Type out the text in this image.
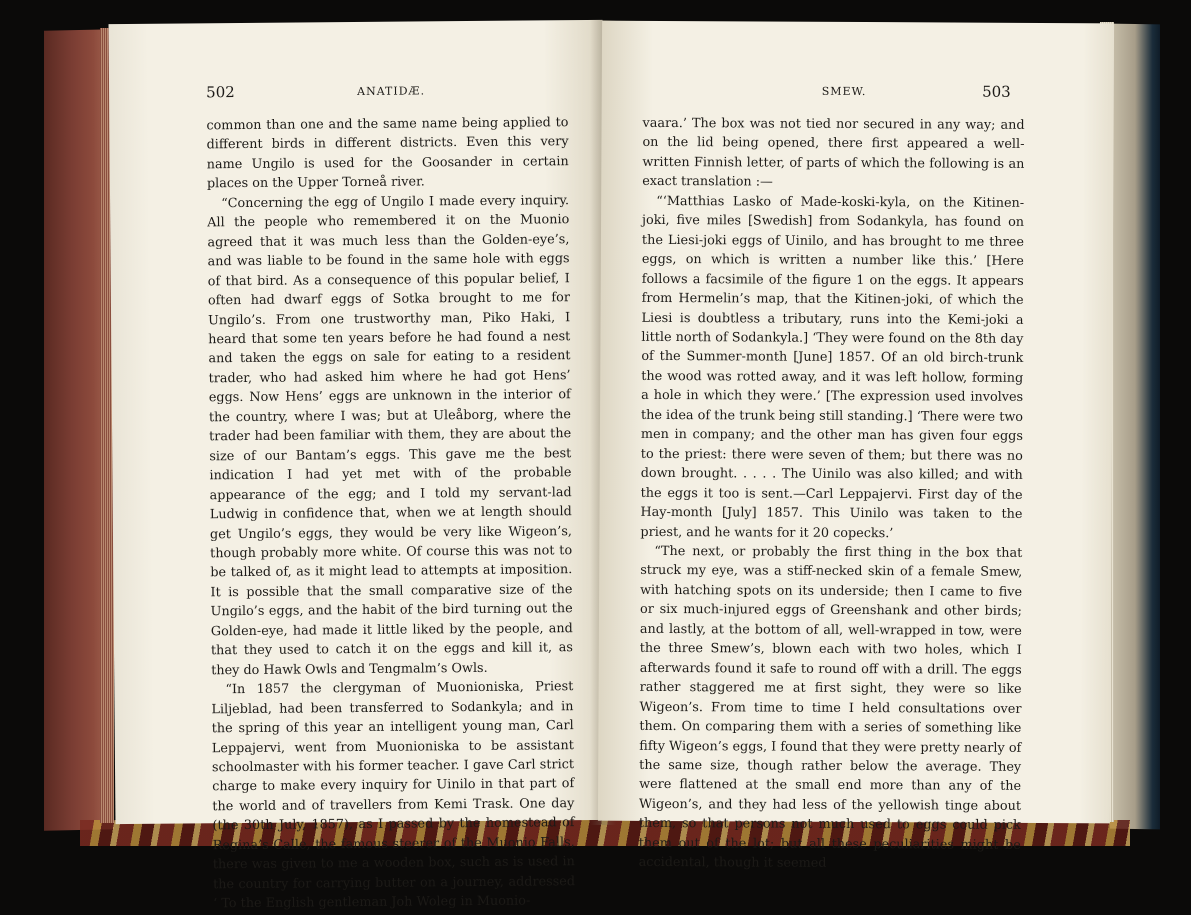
502	ANATIDÆ.

common than one and the same name being applied to different birds in different districts. Even this very name Ungilo is used for the Goosander in certain places on the Upper Torneå river.

“Concerning the egg of Ungilo I made every inquiry. All the people who remembered it on the Muonio agreed that it was much less than the Golden-eye’s, and was liable to be found in the same hole with eggs of that bird. As a consequence of this popular belief, I often had dwarf eggs of Sotka brought to me for Ungilo’s. From one trustworthy man, Piko Haki, I heard that some ten years before he had found a nest and taken the eggs on sale for eating to a resident trader, who had asked him where he had got Hens’ eggs. Now Hens’ eggs are unknown in the interior of the country, where I was; but at Uleåborg, where the trader had been familiar with them, they are about the size of our Bantam’s eggs. This gave me the best indication I had yet met with of the probable appearance of the egg; and I told my servant-lad Ludwig in confidence that, when we at length should get Ungilo’s eggs, they would be very like Wigeon’s, though probably more white. Of course this was not to be talked of, as it might lead to attempts at imposition. It is possible that the small comparative size of the Ungilo’s eggs, and the habit of the bird turning out the Golden-eye, had made it little liked by the people, and that they used to catch it on the eggs and kill it, as they do Hawk Owls and Tengmalm’s Owls.

“In 1857 the clergyman of Muonioniska, Priest Liljeblad, had been transferred to Sodankyla; and in the spring of this year an intelligent young man, Carl Leppajervi, went from Muonioniska to be assistant schoolmaster with his former teacher. I gave Carl strict charge to make every inquiry for Uinilo in that part of the world and of travellers from Kemi Trask. One day (the 30th July, 1857), as I passed by the homestead of Regina’s Calle, the famous steerer of the Muonio Falls, there was given to me a wooden box, such as is used in the country for carrying butter on a journey, addressed ‘ To the English gentleman Joh Woleg in Muonio-

SMEW.	503

vaara.’ The box was not tied nor secured in any way; and on the lid being opened, there first appeared a well-written Finnish letter, of parts of which the following is an exact translation :—

“‘Matthias Lasko of Made-koski-kyla, on the Kitinen-joki, five miles [Swedish] from Sodankyla, has found on the Liesi-joki eggs of Uinilo, and has brought to me three eggs, on which is written a number like this.’ [Here follows a facsimile of the figure 1 on the eggs. It appears from Hermelin’s map, that the Kitinen-joki, of which the Liesi is doubtless a tributary, runs into the Kemi-joki a little north of Sodankyla.] ‘They were found on the 8th day of the Summer-month [June] 1857. Of an old birch-trunk the wood was rotted away, and it was left hollow, forming a hole in which they were.’ [The expression used involves the idea of the trunk being still standing.] ‘There were two men in company; and the other man has given four eggs to the priest: there were seven of them; but there was no down brought. . . . . The Uinilo was also killed; and with the eggs it too is sent.—Carl Leppajervi. First day of the Hay-month [July] 1857. This Uinilo was taken to the priest, and he wants for it 20 copecks.’

“The next, or probably the first thing in the box that struck my eye, was a stiff-necked skin of a female Smew, with hatching spots on its underside; then I came to five or six much-injured eggs of Greenshank and other birds; and lastly, at the bottom of all, well-wrapped in tow, were the three Smew’s, blown each with two holes, which I afterwards found it safe to round off with a drill. The eggs rather staggered me at first sight, they were so like Wigeon’s. From time to time I held consultations over them. On comparing them with a series of something like fifty Wigeon’s eggs, I found that they were pretty nearly of the same size, though rather below the average. They were flattened at the small end more than any of the Wigeon’s, and they had less of the yellowish tinge about them, so that persons not much used to eggs could pick them out of the lot; but all these peculiarities might be accidental, though it seemed
